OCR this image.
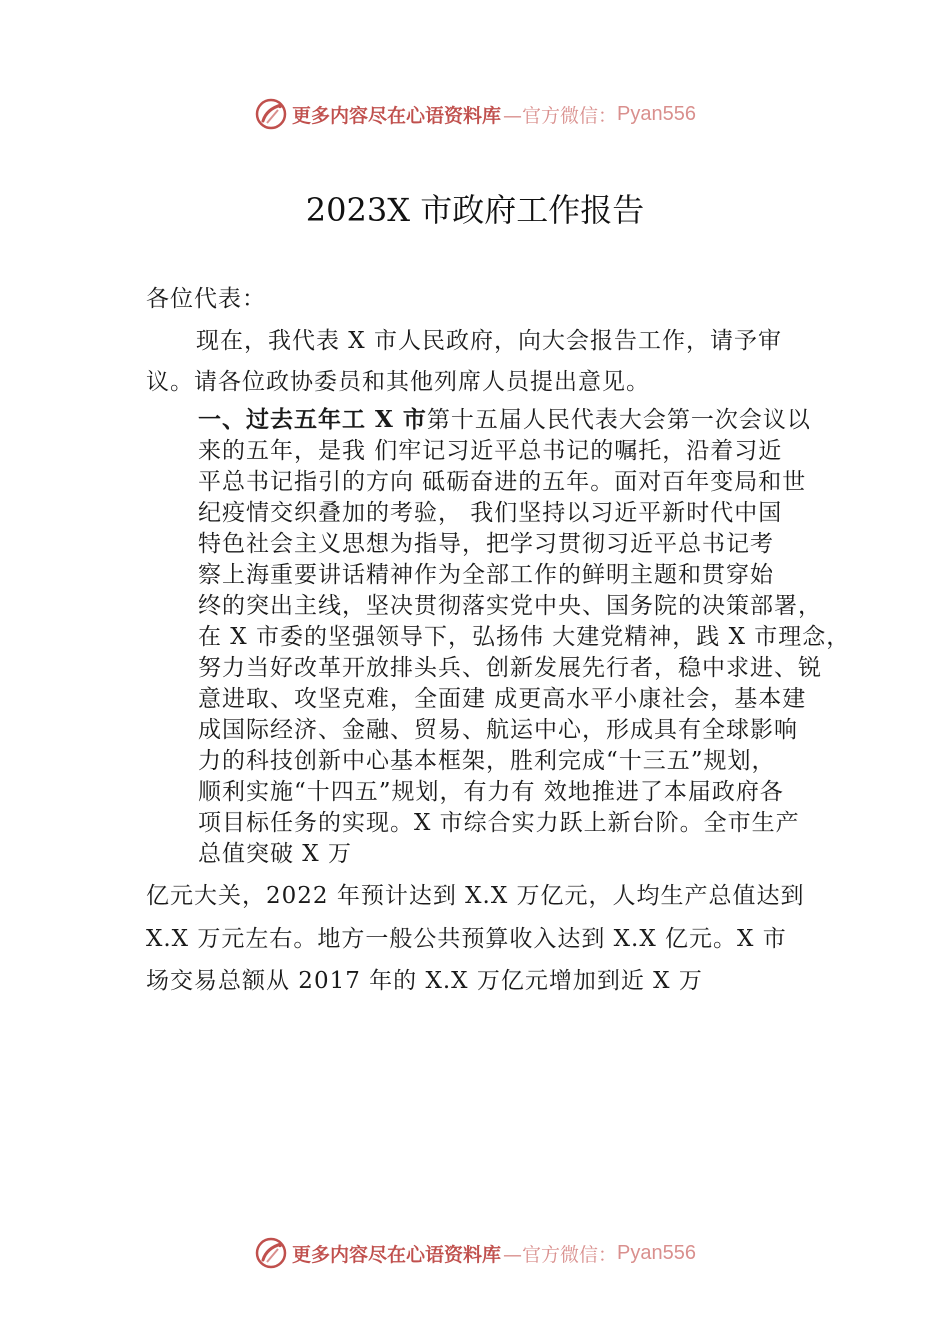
更多内容尽在心语资料库 —官方微信： Pyan556
2023X 市政府工作报告
各位代表：
现在，我代表 X 市人民政府，向大会报告工作，请予审
议。请各位政协委员和其他列席人员提出意见。
一、过去五年工 X 市第十五届人民代表大会第一次会议以
来的五年，是我 们牢记习近平总书记的嘱托，沿着习近
平总书记指引的方向 砥砺奋进的五年。面对百年变局和世
纪疫情交织叠加的考验， 我们坚持以习近平新时代中国
特色社会主义思想为指导，把学习贯彻习近平总书记考
察上海重要讲话精神作为全部工作的鲜明主题和贯穿始
终的突出主线，坚决贯彻落实党中央、国务院的决策部署，
在 X 市委的坚强领导下，弘扬伟 大建党精神，践 X 市理念，
努力当好改革开放排头兵、创新发展先行者，稳中求进、锐
意进取、攻坚克难，全面建 成更高水平小康社会，基本建
成国际经济、金融、贸易、航运中心，形成具有全球影响
力的科技创新中心基本框架，胜利完成“十三五”规划，
顺利实施“十四五”规划，有力有 效地推进了本届政府各
项目标任务的实现。X 市综合实力跃上新台阶。全市生产
总值突破 X 万
亿元大关，2022 年预计达到 X.X 万亿元，人均生产总值达到
X.X 万元左右。地方一般公共预算收入达到 X.X 亿元。X 市
场交易总额从 2017 年的 X.X 万亿元增加到近 X 万
更多内容尽在心语资料库 —官方微信： Pyan556
